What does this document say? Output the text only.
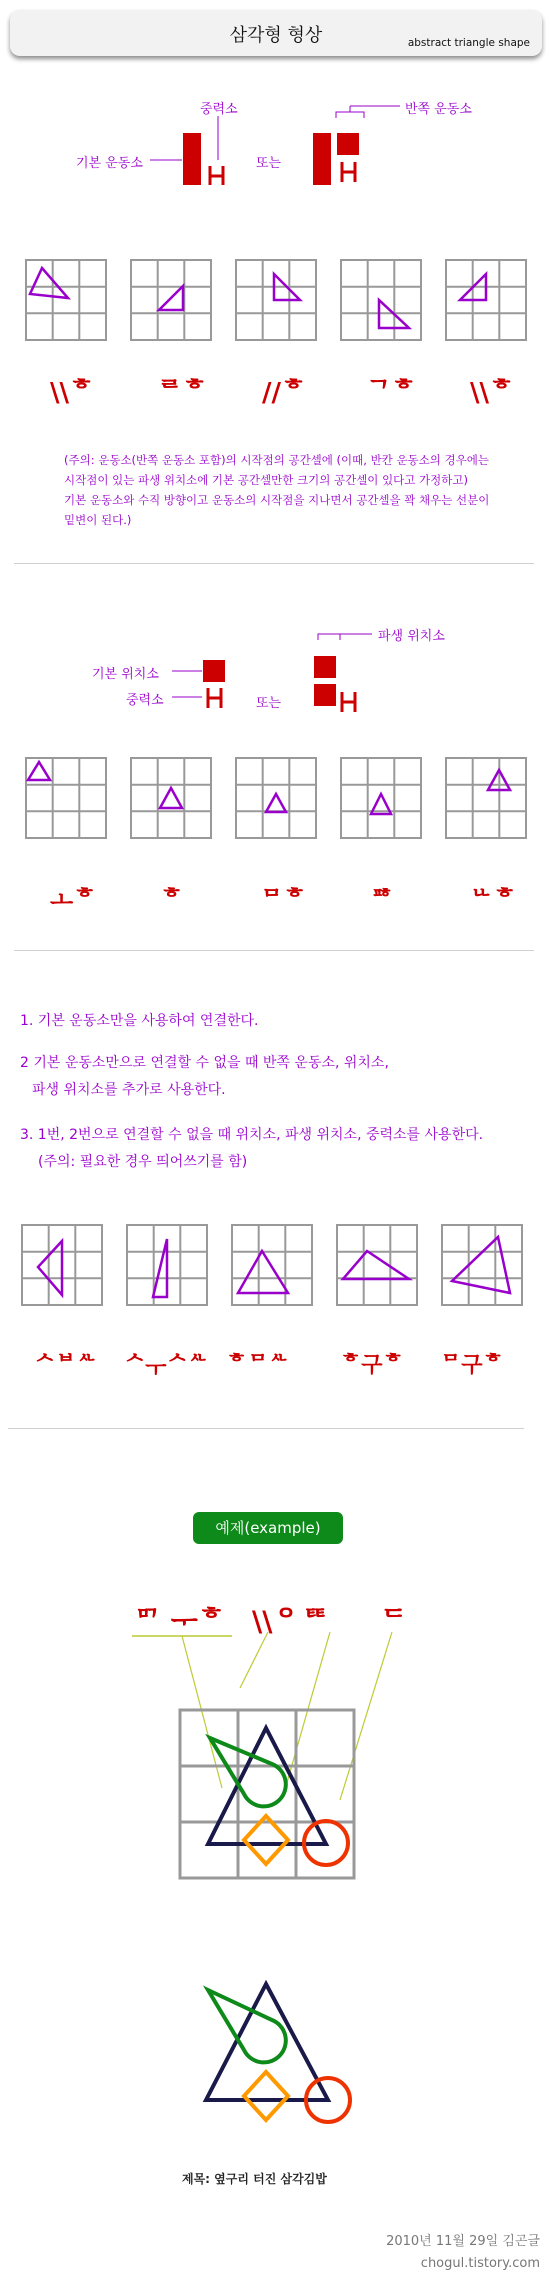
삼각형 형상	abstract triangle shape
중력소	반쪽 운동소
기본 운동소	또는
\\ᄒ ᄅᄒ //ᄒ ᄀᄒ \\ᄒ
(주의: 운동소(반쪽 운동소 포함)의 시작점의 공간셀에 (이때, 반칸 운동소의 경우에는
시작점이 있는 파생 위치소에 기본 공간셀만한 크기의 공간셀이 있다고 가정하고)
기본 운동소와 수직 방향이고 운동소의 시작점을 지나면서 공간셀을 꽉 채우는 선분이
밑변이 된다.)
파생 위치소
기본 위치소
중력소	또는
ㅗᄒ	ᄒ	ᄆᄒ	ᄑᄒ	ᄔᄒ
1. 기본 운동소만을 사용하여 연결한다.
2 기본 운동소만으로 연결할 수 없을 때 반쪽 운동소, 위치소,
파생 위치소를 추가로 사용한다.
3. 1번, 2번으로 연결할 수 없을 때 위치소, 파생 위치소, 중력소를 사용한다.
(주의: 필요한 경우 띄어쓰기를 함)
ᄉᄇᄮ ᄉᅟᅮᄉᄮ ᄒᄆᄮ ᄒ구ᄒ ᄆ구ᄒ
예제(example)
ᄆᄀ ᅮᄒ \\ᄋ ᄐᄐ ᄃ
제목: 옆구리 터진 삼각김밥
2010년 11월 29일 김곤글
chogul.tistory.com
